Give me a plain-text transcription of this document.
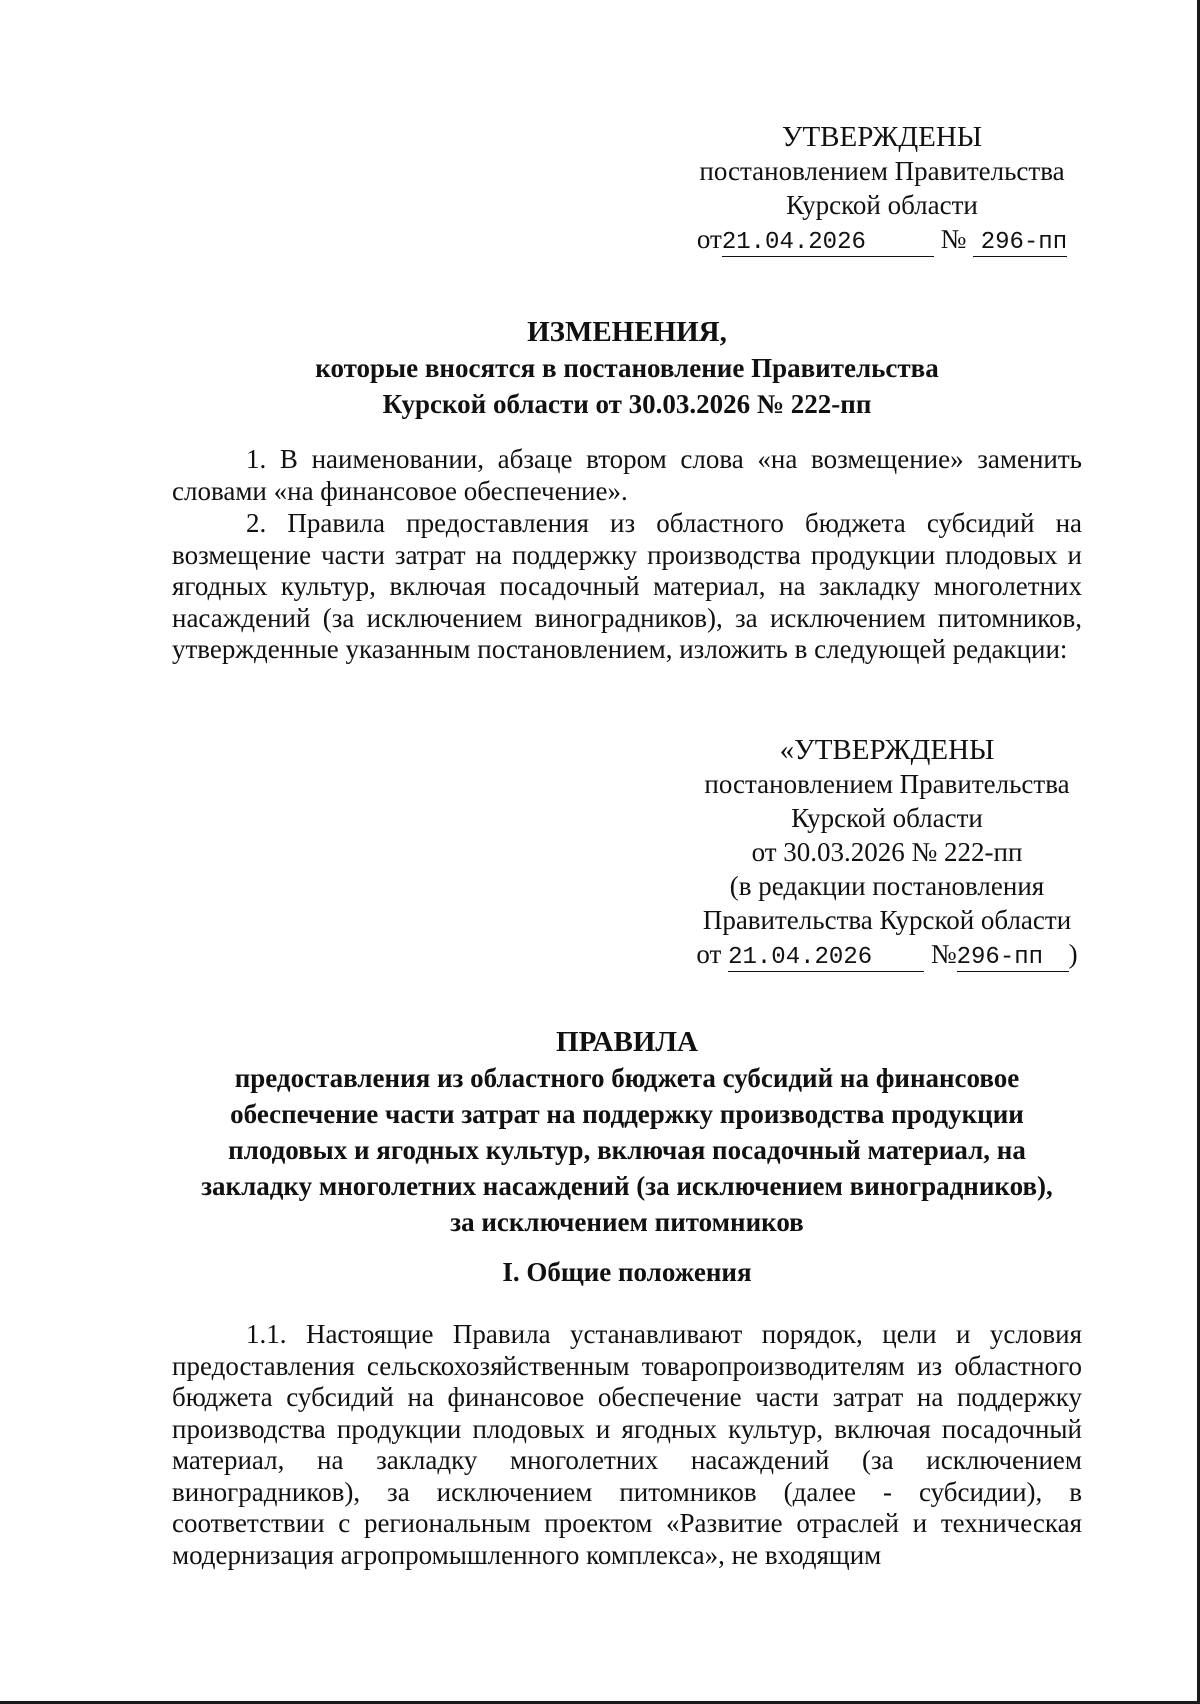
УТВЕРЖДЕНЫ
постановлением Правительства
Курской области
от21.04.2026	№ 296-пп
ИЗМЕНЕНИЯ,
которые вносятся в постановление Правительства
Курской области от 30.03.2026 № 222-пп
1. В наименовании, абзаце втором слова «на возмещение» заменить словами «на финансовое обеспечение».
2. Правила предоставления из областного бюджета субсидий на возмещение части затрат на поддержку производства продукции плодовых и ягодных культур, включая посадочный материал, на закладку многолетних насаждений (за исключением виноградников), за исключением питомников, утвержденные указанным постановлением, изложить в следующей редакции:
«УТВЕРЖДЕНЫ
постановлением Правительства
Курской области
от 30.03.2026 № 222-пп
(в редакции постановления
Правительства Курской области
от 21.04.2026 №296-пп )
ПРАВИЛА
предоставления из областного бюджета субсидий на финансовое
обеспечение части затрат на поддержку производства продукции
плодовых и ягодных культур, включая посадочный материал, на
закладку многолетних насаждений (за исключением виноградников),
за исключением питомников
I. Общие положения
1.1. Настоящие Правила устанавливают порядок, цели и условия предоставления сельскохозяйственным товаропроизводителям из областного бюджета субсидий на финансовое обеспечение части затрат на поддержку производства продукции плодовых и ягодных культур, включая посадочный материал, на закладку многолетних насаждений (за исключением виноградников), за исключением питомников (далее - субсидии), в соответствии с региональным проектом «Развитие отраслей и техническая модернизация агропромышленного комплекса», не входящим
